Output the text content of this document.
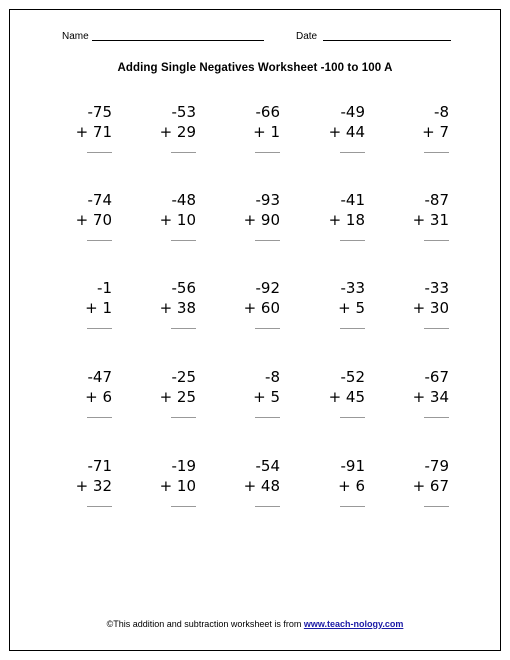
Name	Date
Adding Single Negatives Worksheet -100 to 100 A
-75
+ 71
-53
+ 29
-66
+ 1
-49
+ 44
-8
+ 7
-74
+ 70
-48
+ 10
-93
+ 90
-41
+ 18
-87
+ 31
-1
+ 1
-56
+ 38
-92
+ 60
-33
+ 5
-33
+ 30
-47
+ 6
-25
+ 25
-8
+ 5
-52
+ 45
-67
+ 34
-71
+ 32
-19
+ 10
-54
+ 48
-91
+ 6
-79
+ 67
©This addition and subtraction worksheet is from www.teach-nology.com
